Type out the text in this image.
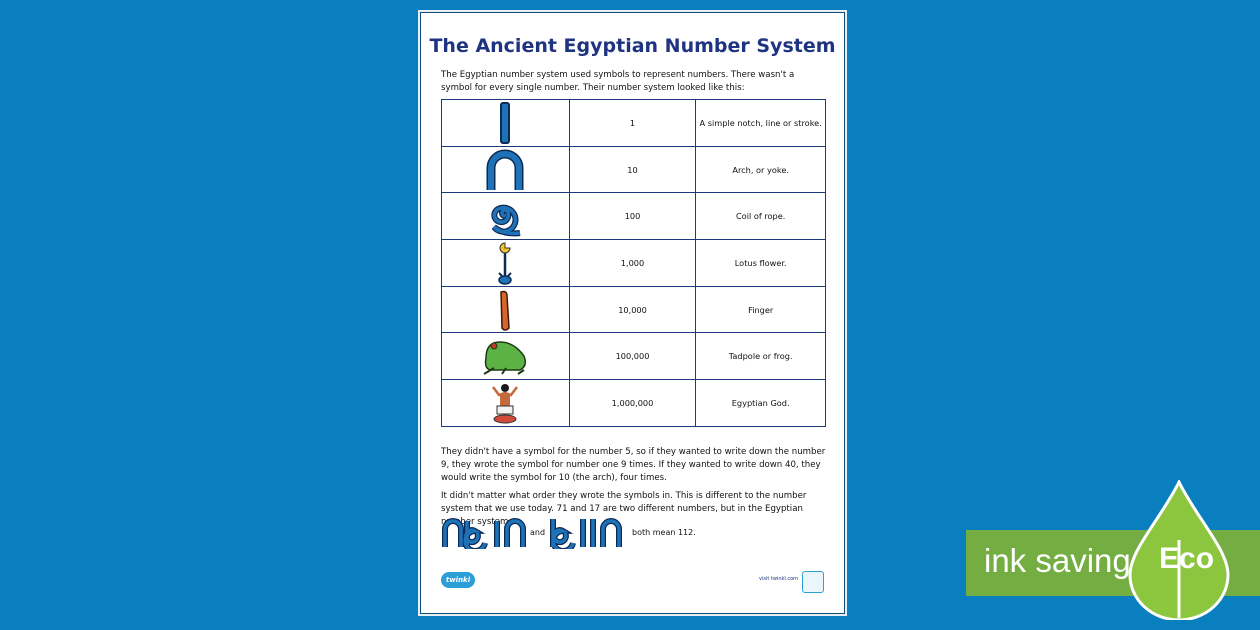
The Ancient Egyptian Number System
The Egyptian number system used symbols to represent numbers. There wasn't a symbol for every single number. Their number system looked like this:
	1	A simple notch, line or stroke.

	10	Arch, or yoke.

	100	Coil of rope.

	1,000	Lotus flower.

	10,000	Finger

	100,000	Tadpole or frog.

	1,000,000	Egyptian God.
They didn't have a symbol for the number 5, so if they wanted to write down the number 9, they wrote the symbol for number one 9 times. If they wanted to write down 40, they would write the symbol for 10 (the arch), four times.
It didn't matter what order they wrote the symbols in. This is different to the number system that we use today. 71 and 17 are two different numbers, but in the Egyptian number system,
and	both mean 112.
twinkl	visit twinkl.com	ink saving Eco
